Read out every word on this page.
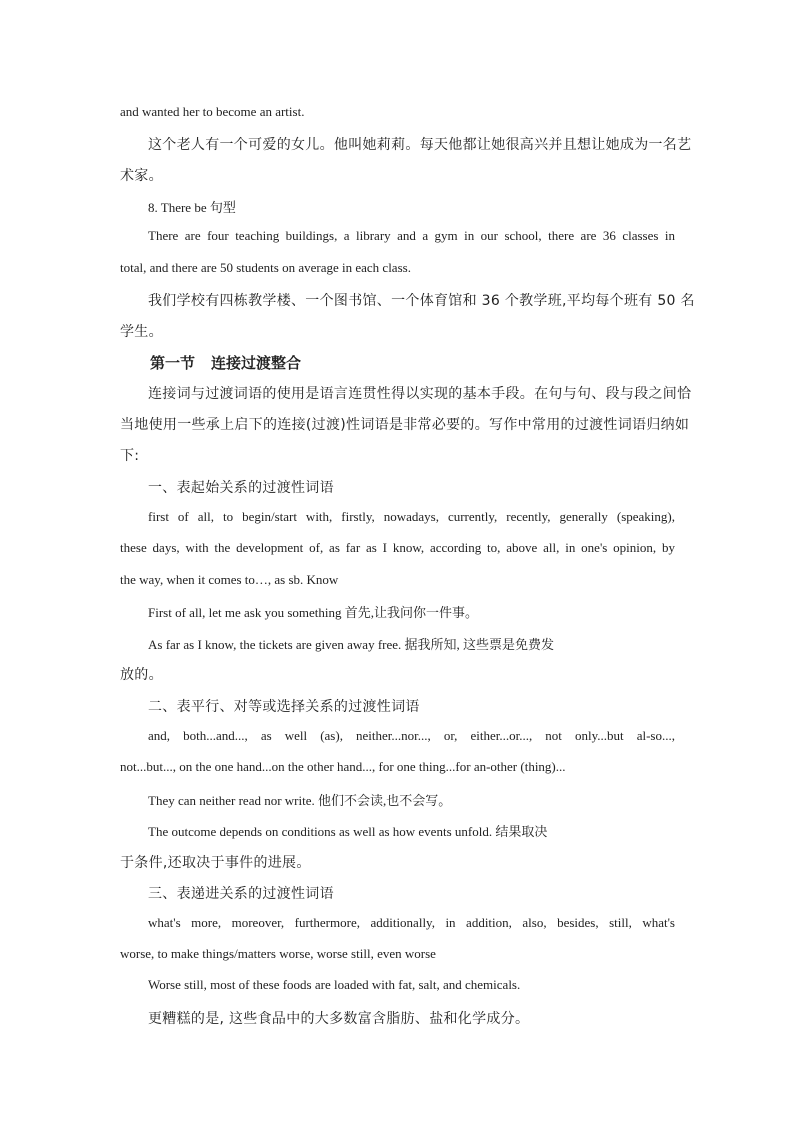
and wanted her to become an artist.
这个老人有一个可爱的女儿。他叫她莉莉。每天他都让她很高兴并且想让她成为一名艺
术家。
8. There be 句型
There are four teaching buildings, a library and a gym in our school, there are 36 classes in
total, and there are 50 students on average in each class.
我们学校有四栋教学楼、一个图书馆、一个体育馆和 36 个教学班,平均每个班有 50 名
学生。
第一节 连接过渡整合
连接词与过渡词语的使用是语言连贯性得以实现的基本手段。在句与句、段与段之间恰
当地使用一些承上启下的连接(过渡)性词语是非常必要的。写作中常用的过渡性词语归纳如
下:
一、表起始关系的过渡性词语
first of all, to begin/start with, firstly, nowadays, currently, recently, generally (speaking),
these days, with the development of, as far as I know, according to, above all, in one's opinion, by
the way, when it comes to…, as sb. Know
First of all, let me ask you something 首先,让我问你一件事。
As far as I know, the tickets are given away free. 据我所知, 这些票是免费发
放的。
二、表平行、对等或选择关系的过渡性词语
and, both...and..., as well (as), neither...nor..., or, either...or..., not only...but al-so...,
not...but..., on the one hand...on the other hand..., for one thing...for an-other (thing)...
They can neither read nor write. 他们不会读,也不会写。
The outcome depends on conditions as well as how events unfold. 结果取决
于条件,还取决于事件的进展。
三、表递进关系的过渡性词语
what's more, moreover, furthermore, additionally, in addition, also, besides, still, what's
worse, to make things/matters worse, worse still, even worse
Worse still, most of these foods are loaded with fat, salt, and chemicals.
更糟糕的是, 这些食品中的大多数富含脂肪、盐和化学成分。
